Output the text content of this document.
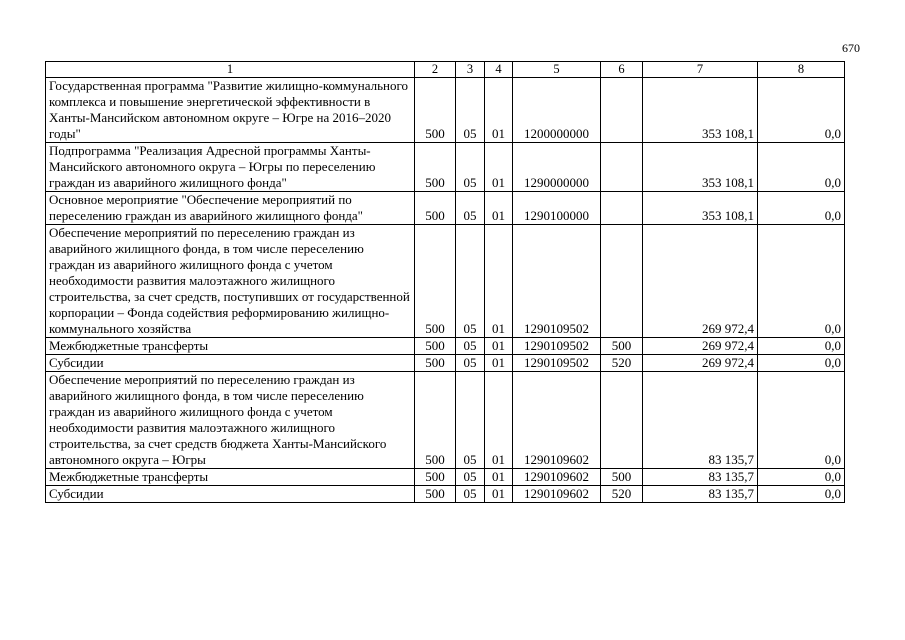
670
1	2	3	4	5	6	7	8
Государственная программа "Развитие жилищно-коммунального комплекса и повышение энергетической эффективности в Ханты-Мансийском автономном округе – Югре на 2016–2020 годы"	500	05	01	1200000000		353 108,1	0,0
Подпрограмма "Реализация Адресной программы Ханты-Мансийского автономного округа – Югры по переселению граждан из аварийного жилищного фонда"	500	05	01	1290000000		353 108,1	0,0
Основное мероприятие "Обеспечение мероприятий по переселению граждан из аварийного жилищного фонда"	500	05	01	1290100000		353 108,1	0,0
Обеспечение мероприятий по переселению граждан из аварийного жилищного фонда, в том числе переселению граждан из аварийного жилищного фонда с учетом необходимости развития малоэтажного жилищного строительства, за счет средств, поступивших от государственной корпорации – Фонда содействия реформированию жилищно-коммунального хозяйства	500	05	01	1290109502		269 972,4	0,0
Межбюджетные трансферты	500	05	01	1290109502	500	269 972,4	0,0
Субсидии	500	05	01	1290109502	520	269 972,4	0,0
Обеспечение мероприятий по переселению граждан из аварийного жилищного фонда, в том числе переселению граждан из аварийного жилищного фонда с учетом необходимости развития малоэтажного жилищного строительства, за счет средств бюджета Ханты-Мансийского автономного округа – Югры	500	05	01	1290109602		83 135,7	0,0
Межбюджетные трансферты	500	05	01	1290109602	500	83 135,7	0,0
Субсидии	500	05	01	1290109602	520	83 135,7	0,0
